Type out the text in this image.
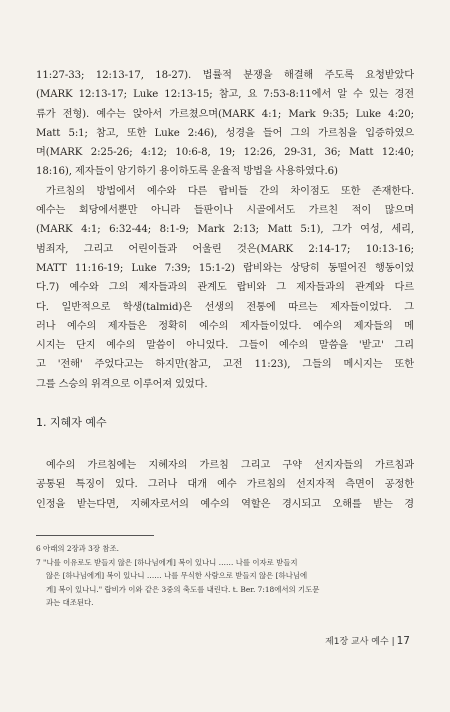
11:27-33; 12:13-17, 18-27). 법률적 분쟁을 해결해 주도록 요청받았다
(MARK 12:13-17; Luke 12:13-15; 참고, 요 7:53-8:11에서 알 수 있는 경전
류가 전형). 예수는 앉아서 가르쳤으며(MARK 4:1; Mark 9:35; Luke 4:20;
Matt 5:1; 참고, 또한 Luke 2:46), 성경을 들어 그의 가르침을 입증하였으
며(MARK 2:25-26; 4:12; 10:6-8, 19; 12:26, 29-31, 36; Matt 12:40;
18:16), 제자들이 암기하기 용이하도록 운율적 방법을 사용하였다.6)
가르침의 방법에서 예수와 다른 랍비들 간의 차이점도 또한 존재한다.
예수는 회당에서뿐만 아니라 들판이나 시골에서도 가르친 적이 많으며
(MARK 4:1; 6:32-44; 8:1-9; Mark 2:13; Matt 5:1), 그가 여성, 세리,
범죄자, 그리고 어린이들과 어울린 것은(MARK 2:14-17; 10:13-16;
MATT 11:16-19; Luke 7:39; 15:1-2) 랍비와는 상당히 동떨어진 행동이었
다.7) 예수와 그의 제자들과의 관계도 랍비와 그 제자들과의 관계와 다르
다. 일반적으로 학생(talmid)은 선생의 전통에 따르는 제자들이었다. 그
러나 예수의 제자들은 정확히 예수의 제자들이었다. 예수의 제자들의 메
시지는 단지 예수의 말씀이 아니었다. 그들이 예수의 말씀을 '받고' 그리
고 '전해' 주었다고는 하지만(참고, 고전 11:23), 그들의 메시지는 또한
그를 스승의 위격으로 이루어져 있었다.
1. 지혜자 예수
예수의 가르침에는 지혜자의 가르침 그리고 구약 선지자들의 가르침과
공통된 특징이 있다. 그러나 대개 예수 가르침의 선지자적 측면이 공정한
인정을 받는다면, 지혜자로서의 예수의 역할은 경시되고 오해를 받는 경
6 아래의 2장과 3장 참조.
7 "나를 이유로도 받들지 않은 [하나님에게] 복이 있나니 …… 나를 이자로 받들지
않은 [하나님에게] 복이 있나니 …… 나를 무식한 사람으로 받들지 않은 [하나님에
게] 복이 있나니." 랍비가 이와 같은 3중의 축도를 내린다. t. Ber. 7:18에서의 기도문
과는 대조된다.
제1장 교사 예수 | 17
